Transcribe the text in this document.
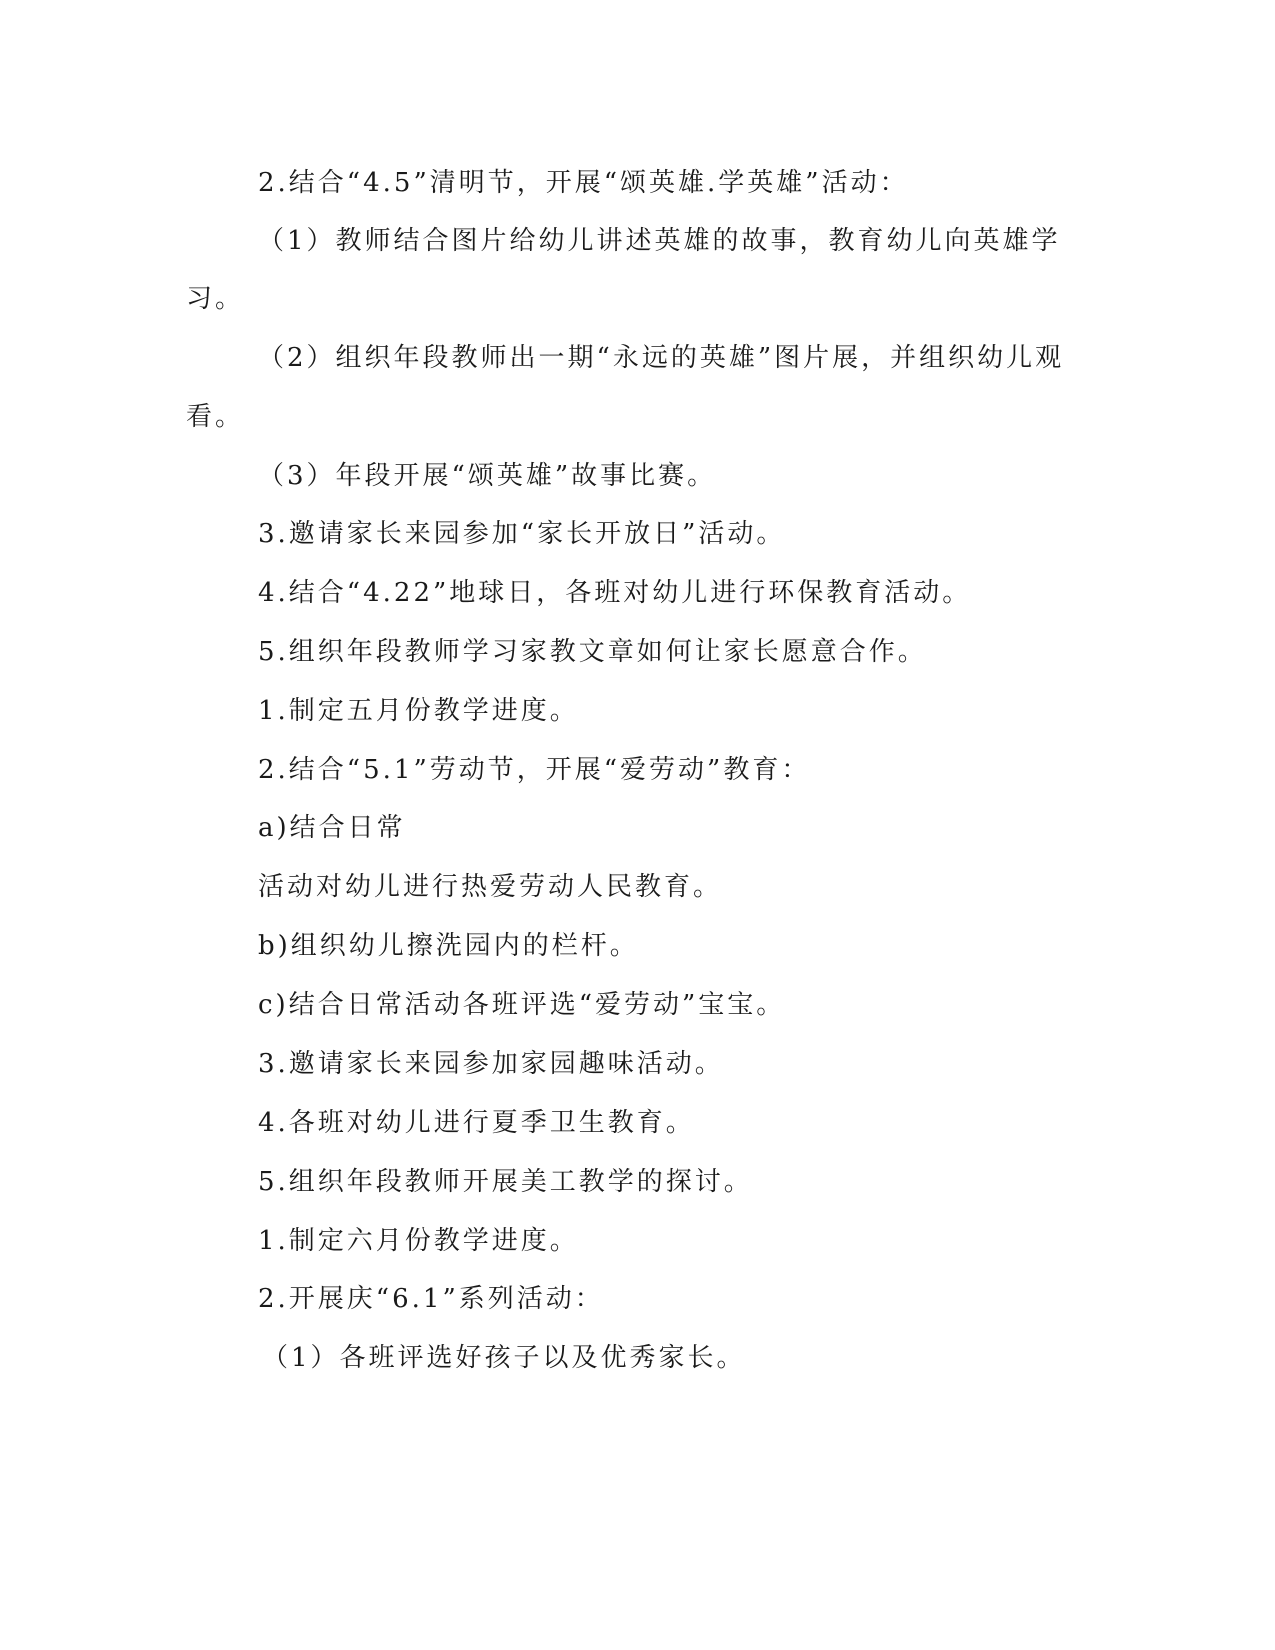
2.结合“4.5”清明节，开展“颂英雄.学英雄”活动：
（1）教师结合图片给幼儿讲述英雄的故事，教育幼儿向英雄学
习。
（2）组织年段教师出一期“永远的英雄”图片展，并组织幼儿观
看。
（3）年段开展“颂英雄”故事比赛。
3.邀请家长来园参加“家长开放日”活动。
4.结合“4.22”地球日，各班对幼儿进行环保教育活动。
5.组织年段教师学习家教文章如何让家长愿意合作。
1.制定五月份教学进度。
2.结合“5.1”劳动节，开展“爱劳动”教育：
a)结合日常
活动对幼儿进行热爱劳动人民教育。
b)组织幼儿擦洗园内的栏杆。
c)结合日常活动各班评选“爱劳动”宝宝。
3.邀请家长来园参加家园趣味活动。
4.各班对幼儿进行夏季卫生教育。
5.组织年段教师开展美工教学的探讨。
1.制定六月份教学进度。
2.开展庆“6.1”系列活动：
（1）各班评选好孩子以及优秀家长。
